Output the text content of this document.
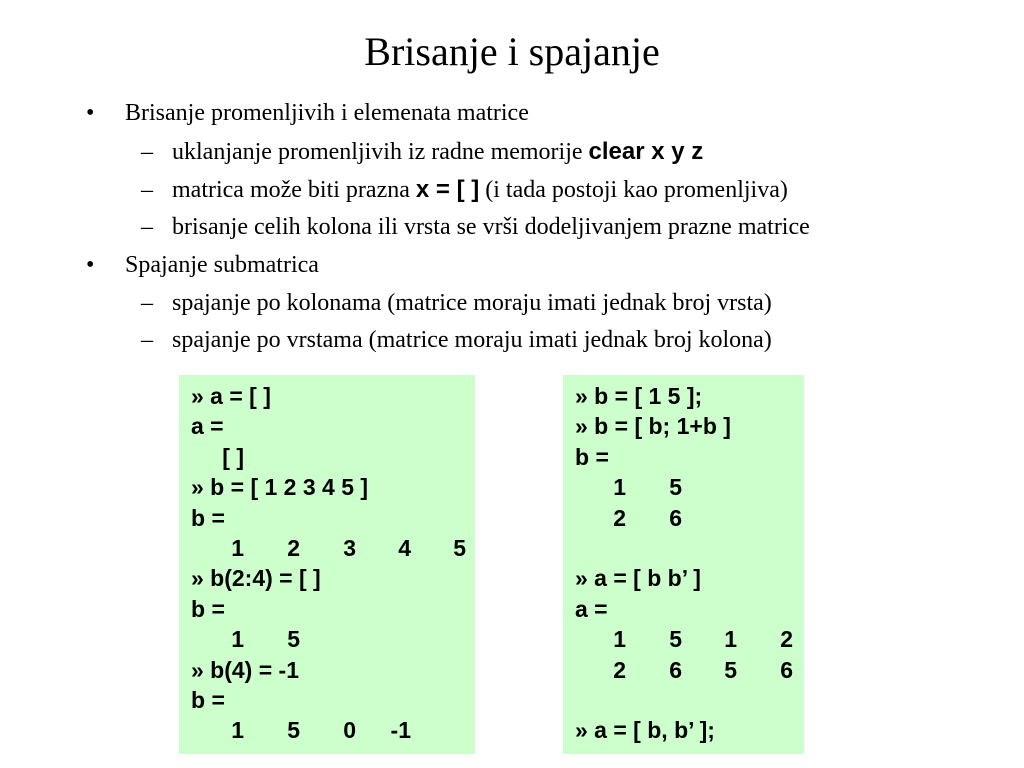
Brisanje i spajanje
• Brisanje promenljivih i elemenata matrice
– uklanjanje promenljivih iz radne memorije clear x y z
– matrica može biti prazna x = [ ] (i tada postoji kao promenljiva)
– brisanje celih kolona ili vrsta se vrši dodeljivanjem prazne matrice
• Spajanje submatrica
– spajanje po kolonama (matrice moraju imati jednak broj vrsta)
– spajanje po vrstama (matrice moraju imati jednak broj kolona)
» a = [ ]
a =
[ ]
» b = [ 1 2 3 4 5 ]
b =
1 2 3 4 5
» b(2:4) = [ ]
b =
1 5
» b(4) = -1
b =
1 5 0 -1
» b = [ 1 5 ];
» b = [ b; 1+b ]
b =
1 5
2 6
» a = [ b b’ ]
a =
1 5 1 2
2 6 5 6
» a = [ b, b’ ];
